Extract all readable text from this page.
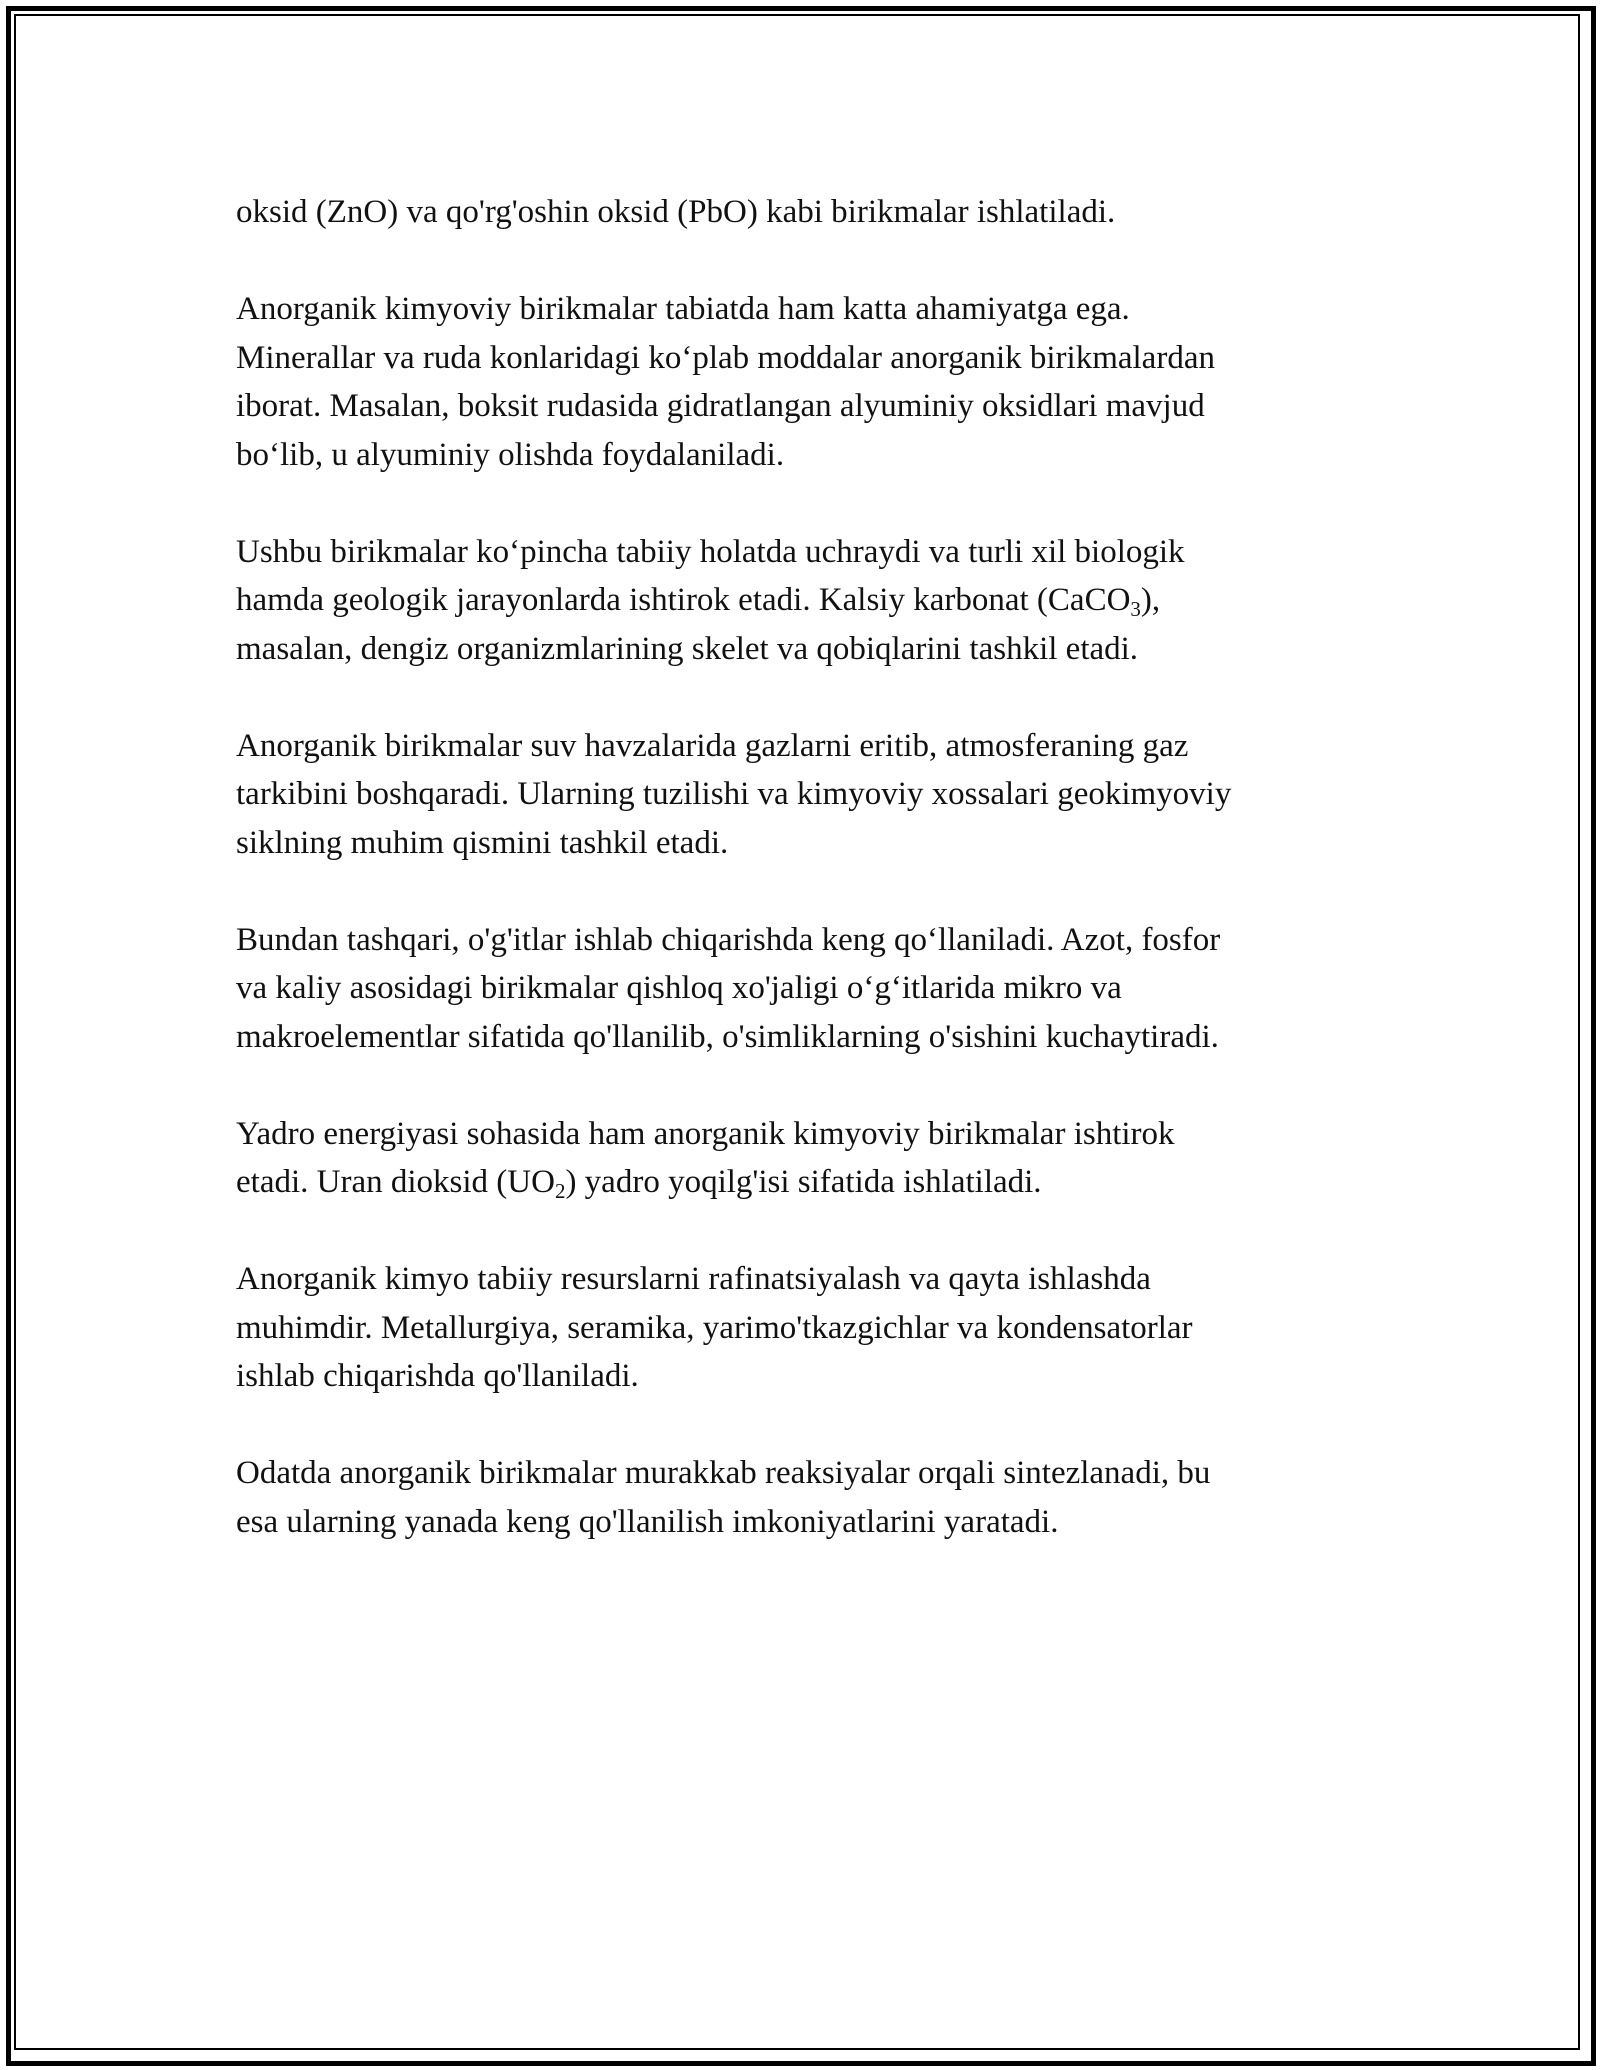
oksid (ZnO) va qo'rg'oshin oksid (PbO) kabi birikmalar ishlatiladi.

Anorganik kimyoviy birikmalar tabiatda ham katta ahamiyatga ega.
Minerallar va ruda konlaridagi ko‘plab moddalar anorganik birikmalardan
iborat. Masalan, boksit rudasida gidratlangan alyuminiy oksidlari mavjud
bo‘lib, u alyuminiy olishda foydalaniladi.

Ushbu birikmalar ko‘pincha tabiiy holatda uchraydi va turli xil biologik
hamda geologik jarayonlarda ishtirok etadi. Kalsiy karbonat (CaCO$_3$),
masalan, dengiz organizmlarining skelet va qobiqlarini tashkil etadi.

Anorganik birikmalar suv havzalarida gazlarni eritib, atmosferaning gaz
tarkibini boshqaradi. Ularning tuzilishi va kimyoviy xossalari geokimyoviy
siklning muhim qismini tashkil etadi.

Bundan tashqari, o'g'itlar ishlab chiqarishda keng qo‘llaniladi. Azot, fosfor
va kaliy asosidagi birikmalar qishloq xo'jaligi o‘g‘itlarida mikro va
makroelementlar sifatida qo'llanilib, o'simliklarning o'sishini kuchaytiradi.

Yadro energiyasi sohasida ham anorganik kimyoviy birikmalar ishtirok
etadi. Uran dioksid $(UO_2)$ yadro yoqilg'isi sifatida ishlatiladi.

Anorganik kimyo tabiiy resurslarni rafinatsiyalash va qayta ishlashda
muhimdir. Metallurgiya, seramika, yarimo'tkazgichlar va kondensatorlar
ishlab chiqarishda qo'llaniladi.

Odatda anorganik birikmalar murakkab reaksiyalar orqali sintezlanadi, bu
esa ularning yanada keng qo'llanilish imkoniyatlarini yaratadi.
